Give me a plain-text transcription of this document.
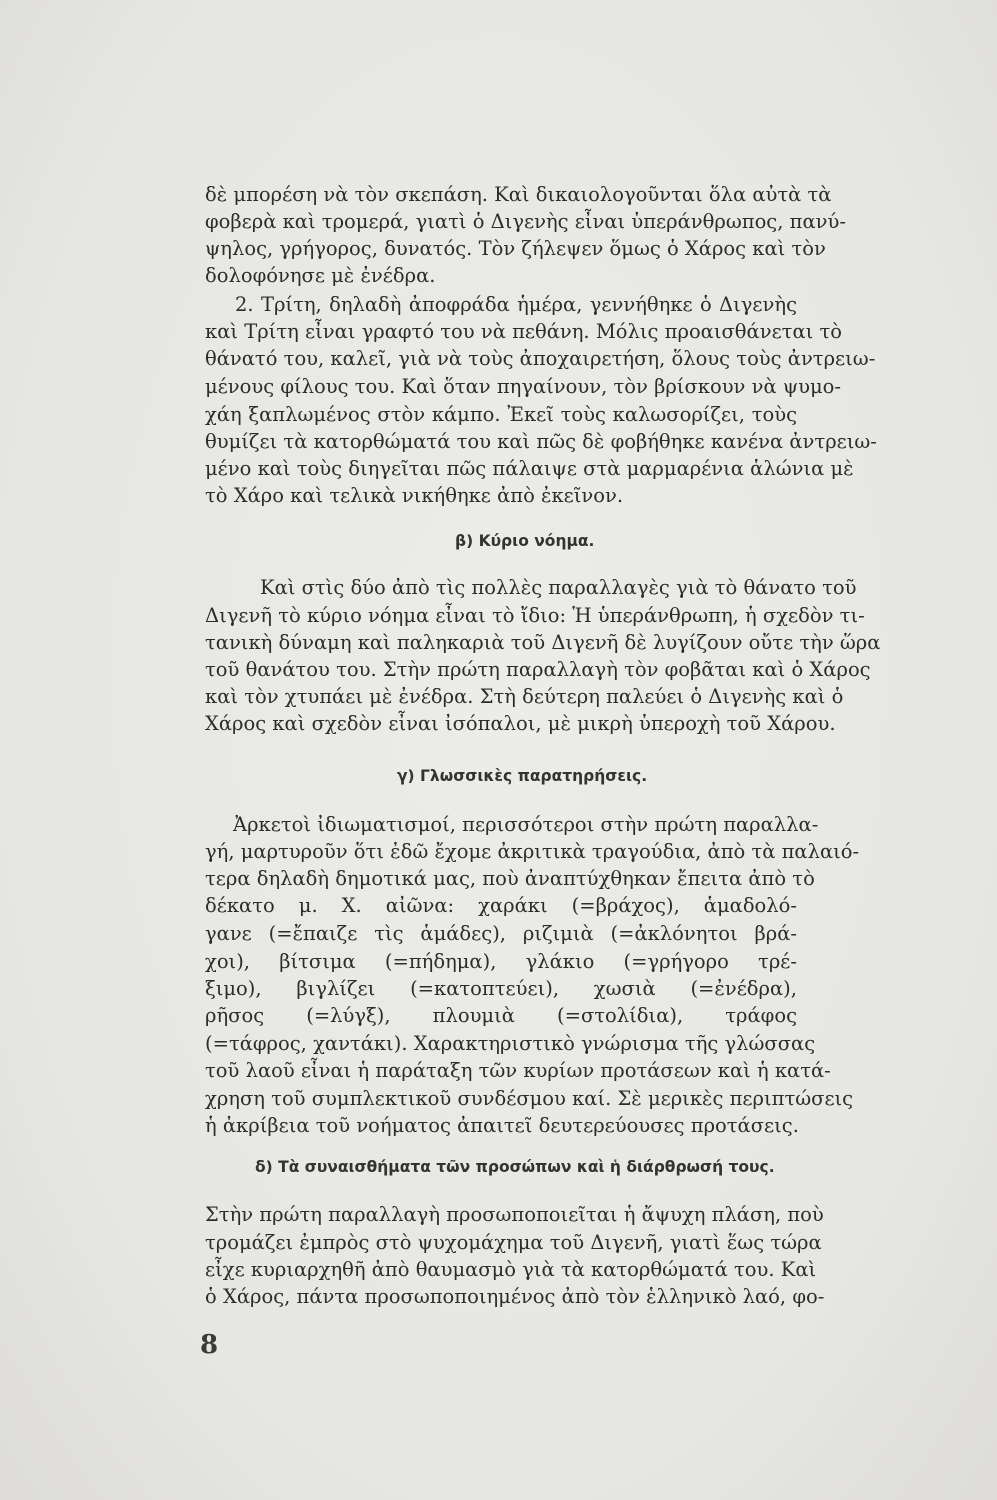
δὲ μπορέση νὰ τὸν σκεπάση. Καὶ δικαιολογοῦνται ὅλα αὐτὰ τὰ
φοβερὰ καὶ τρομερά, γιατὶ ὁ Διγενὴς εἶναι ὑπεράνθρωπος, πανύ-
ψηλος, γρήγορος, δυνατός. Τὸν ζήλεψεν ὅμως ὁ Χάρος καὶ τὸν
δολοφόνησε μὲ ἐνέδρα.
2. Τρίτη, δηλαδὴ ἀποφράδα ἡμέρα, γεννήθηκε ὁ Διγενὴς
καὶ Τρίτη εἶναι γραφτό του νὰ πεθάνη. Μόλις προαισθάνεται τὸ
θάνατό του, καλεῖ, γιὰ νὰ τοὺς ἀποχαιρετήση, ὅλους τοὺς ἀντρειω-
μένους φίλους του. Καὶ ὅταν πηγαίνουν, τὸν βρίσκουν νὰ ψυμο-
χάη ξαπλωμένος στὸν κάμπο. Ἐκεῖ τοὺς καλωσορίζει, τοὺς
θυμίζει τὰ κατορθώματά του καὶ πῶς δὲ φοβήθηκε κανένα ἀντρειω-
μένο καὶ τοὺς διηγεῖται πῶς πάλαιψε στὰ μαρμαρένια ἁλώνια μὲ
τὸ Χάρο καὶ τελικὰ νικήθηκε ἀπὸ ἐκεῖνον.
β) Κύριο νόημα.
Καὶ στὶς δύο ἀπὸ τὶς πολλὲς παραλλαγὲς γιὰ τὸ θάνατο τοῦ
Διγενῆ τὸ κύριο νόημα εἶναι τὸ ἴδιο: Ἡ ὑπεράνθρωπη, ἡ σχεδὸν τι-
τανικὴ δύναμη καὶ παληκαριὰ τοῦ Διγενῆ δὲ λυγίζουν οὔτε τὴν ὥρα
τοῦ θανάτου του. Στὴν πρώτη παραλλαγὴ τὸν φοβᾶται καὶ ὁ Χάρος
καὶ τὸν χτυπάει μὲ ἐνέδρα. Στὴ δεύτερη παλεύει ὁ Διγενὴς καὶ ὁ
Χάρος καὶ σχεδὸν εἶναι ἰσόπαλοι, μὲ μικρὴ ὑπεροχὴ τοῦ Χάρου.
γ) Γλωσσικὲς παρατηρήσεις.
Ἀρκετοὶ ἰδιωματισμοί, περισσότεροι στὴν πρώτη παραλλα-
γή, μαρτυροῦν ὅτι ἐδῶ ἔχομε ἀκριτικὰ τραγούδια, ἀπὸ τὰ παλαιό-
τερα δηλαδὴ δημοτικά μας, ποὺ ἀναπτύχθηκαν ἔπειτα ἀπὸ τὸ
δέκατο μ. Χ. αἰῶνα: χαράκι (=βράχος), ἁμαδολό-
γανε (=ἔπαιζε τὶς ἁμάδες), ριζιμιὰ (=ἀκλόνητοι βρά-
χοι), βίτσιμα (=πήδημα), γλάκιο (=γρήγορο τρέ-
ξιμο), βιγλίζει (=κατοπτεύει), χωσιὰ (=ἐνέδρα),
ρῆσος (=λύγξ), πλουμιὰ (=στολίδια), τράφος
(=τάφρος, χαντάκι). Χαρακτηριστικὸ γνώρισμα τῆς γλώσσας
τοῦ λαοῦ εἶναι ἡ παράταξη τῶν κυρίων προτάσεων καὶ ἡ κατά-
χρηση τοῦ συμπλεκτικοῦ συνδέσμου καί. Σὲ μερικὲς περιπτώσεις
ἡ ἀκρίβεια τοῦ νοήματος ἀπαιτεῖ δευτερεύουσες προτάσεις.
δ) Τὰ συναισθήματα τῶν προσώπων καὶ ἡ διάρθρωσή τους.
Στὴν πρώτη παραλλαγὴ προσωποποιεῖται ἡ ἄψυχη πλάση, ποὺ
τρομάζει ἐμπρὸς στὸ ψυχομάχημα τοῦ Διγενῆ, γιατὶ ἕως τώρα
εἶχε κυριαρχηθῆ ἀπὸ θαυμασμὸ γιὰ τὰ κατορθώματά του. Καὶ
ὁ Χάρος, πάντα προσωποποιημένος ἀπὸ τὸν ἑλληνικὸ λαό, φο-
8
